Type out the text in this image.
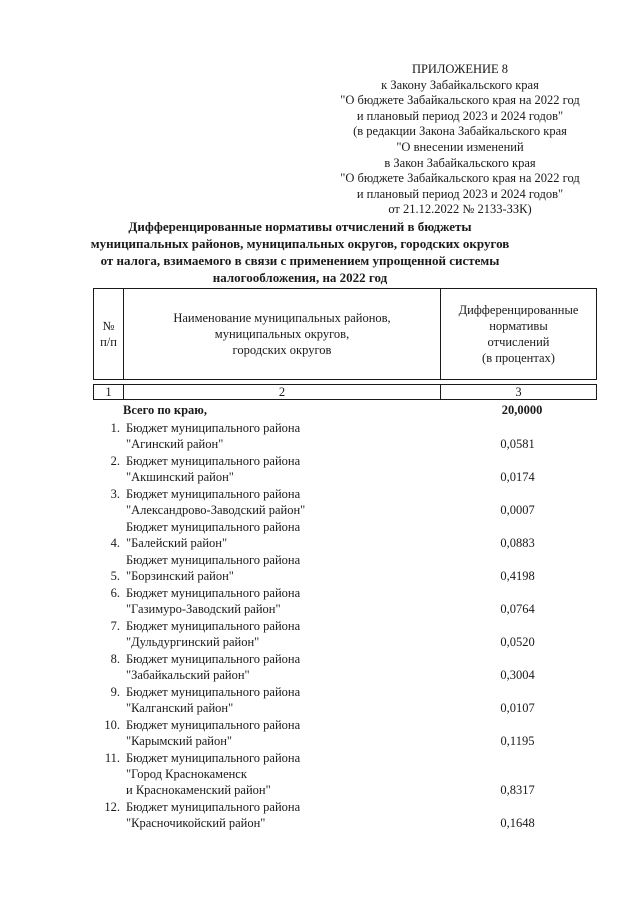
ПРИЛОЖЕНИЕ 8
к Закону Забайкальского края
"О бюджете Забайкальского края на 2022 год
и плановый период 2023 и 2024 годов"
(в редакции Закона Забайкальского края
"О внесении изменений
в Закон Забайкальского края
"О бюджете Забайкальского края на 2022 год
и плановый период 2023 и 2024 годов"
от 21.12.2022 № 2133-ЗЗК)
Дифференцированные нормативы отчислений в бюджеты
муниципальных районов, муниципальных округов, городских округов
от налога, взимаемого в связи с применением упрощенной системы
налогообложения, на 2022 год
№
п/п
Наименование муниципальных районов,
муниципальных округов,
городских округов
Дифференцированные
нормативы
отчислений
(в процентах)
1	2	3
Всего по краю,	20,0000
1. Бюджет муниципального района
"Агинский район"	0,0581
2. Бюджет муниципального района
"Акшинский район"	0,0174
3. Бюджет муниципального района
"Александрово-Заводский район"	0,0007
4.
Бюджет муниципального района
"Балейский район"	0,0883
5.
Бюджет муниципального района
"Борзинский район"	0,4198
6. Бюджет муниципального района
"Газимуро-Заводский район"	0,0764
7. Бюджет муниципального района
"Дульдургинский район"	0,0520
8. Бюджет муниципального района
"Забайкальский район"	0,3004
9. Бюджет муниципального района
"Калганский район"	0,0107
10. Бюджет муниципального района
"Карымский район"	0,1195
11. Бюджет муниципального района
"Город Краснокаменск
и Краснокаменский район"	0,8317
12. Бюджет муниципального района
"Красночикойский район"	0,1648
